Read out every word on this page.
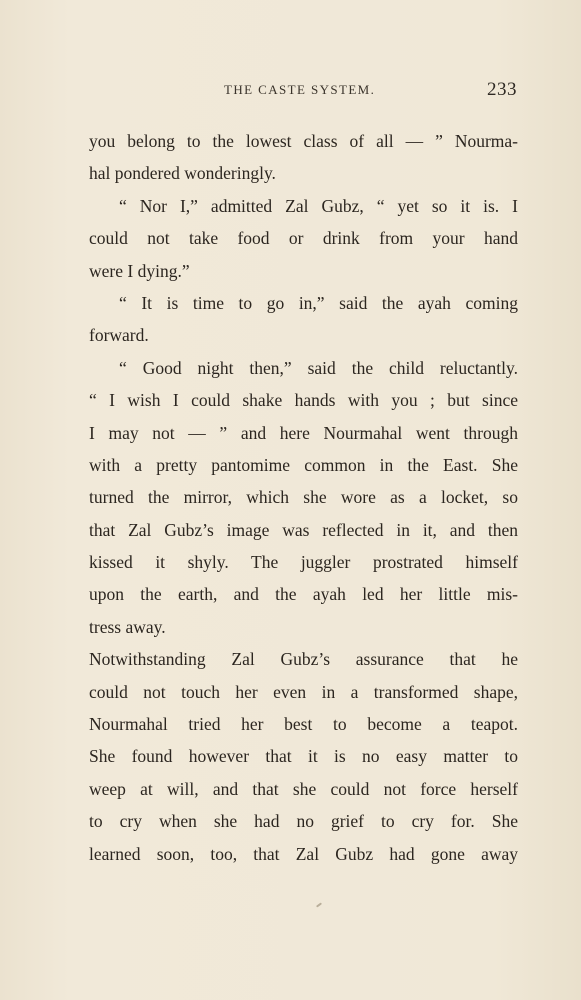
THE CASTE SYSTEM.	233
you belong to the lowest class of all — ” Nourma-
hal pondered wonderingly.
“ Nor I,” admitted Zal Gubz, “ yet so it is. I
could not take food or drink from your hand
were I dying.”
“ It is time to go in,” said the ayah coming
forward.
“ Good night then,” said the child reluctantly.
“ I wish I could shake hands with you ; but since
I may not — ” and here Nourmahal went through
with a pretty pantomime common in the East. She
turned the mirror, which she wore as a locket, so
that Zal Gubz’s image was reflected in it, and then
kissed it shyly. The juggler prostrated himself
upon the earth, and the ayah led her little mis-
tress away.
Notwithstanding Zal Gubz’s assurance that he
could not touch her even in a transformed shape,
Nourmahal tried her best to become a teapot.
She found however that it is no easy matter to
weep at will, and that she could not force herself
to cry when she had no grief to cry for. She
learned soon, too, that Zal Gubz had gone away
